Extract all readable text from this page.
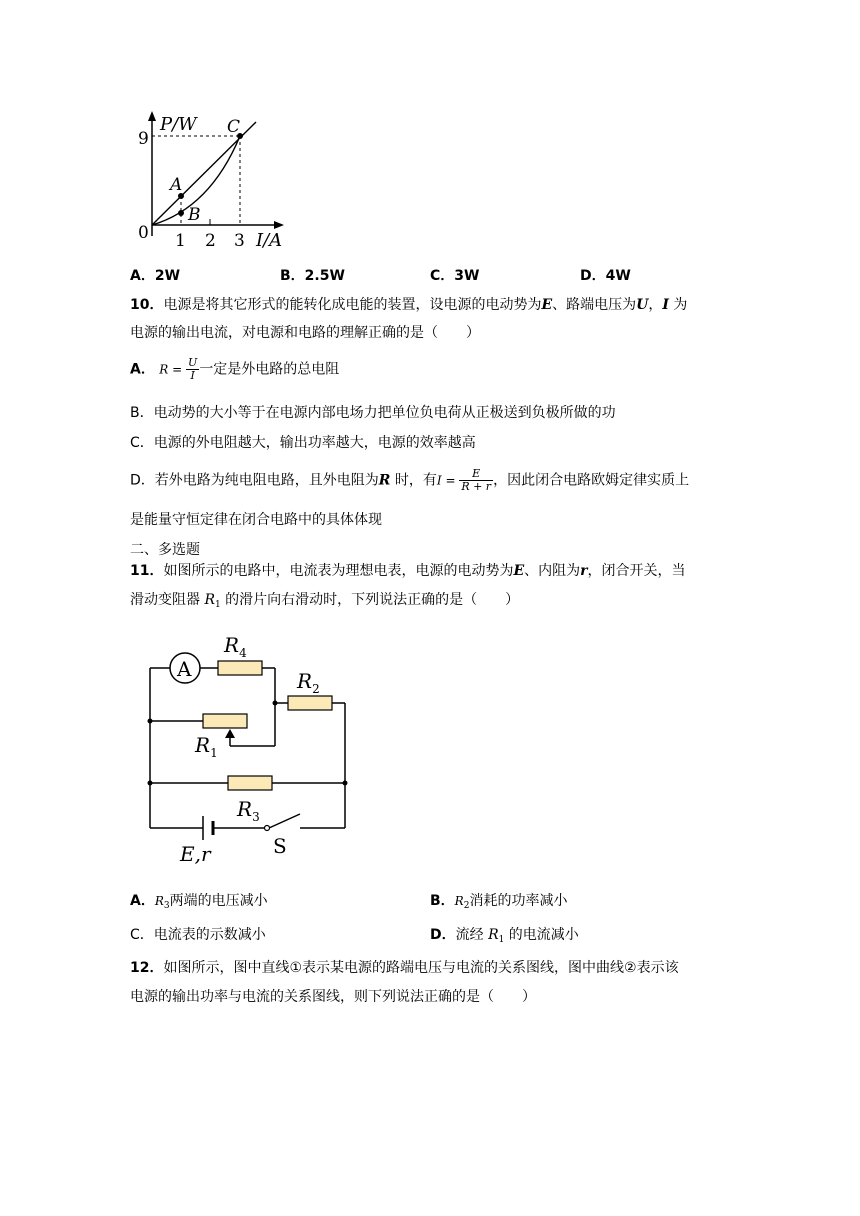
P/W
9
0 1 2 3 I/A
A
B
C
A．2W	B．2.5W	C．3W	D．4W
10．电源是将其它形式的能转化成电能的装置，设电源的电动势为E、路端电压为U，I 为
电源的输出电流，对电源和电路的理解正确的是（　　）
A． $R = \frac{U}{I}$ 一定是外电路的总电阻
B．电动势的大小等于在电源内部电场力把单位负电荷从正极送到负极所做的功
C．电源的外电阻越大，输出功率越大，电源的效率越高
D．若外电路为纯电阻电路，且外电阻为R 时，有$I = \frac{E}{R + r}$ ，因此闭合电路欧姆定律实质上
是能量守恒定律在闭合电路中的具体体现
二、多选题
11．如图所示的电路中，电流表为理想电表，电源的电动势为E、内阻为r，闭合开关，当
滑动变阻器 $R_1$ 的滑片向右滑动时，下列说法正确的是（　　）
A
$R_4$
$R_2$
$R_1$
$R_3$
E,r	S
A．$R_3$两端的电压减小	B．$R_2$消耗的功率减小
C．电流表的示数减小	D．流经 $R_1$ 的电流减小
12．如图所示，图中直线①表示某电源的路端电压与电流的关系图线，图中曲线②表示该
电源的输出功率与电流的关系图线，则下列说法正确的是（　　）
